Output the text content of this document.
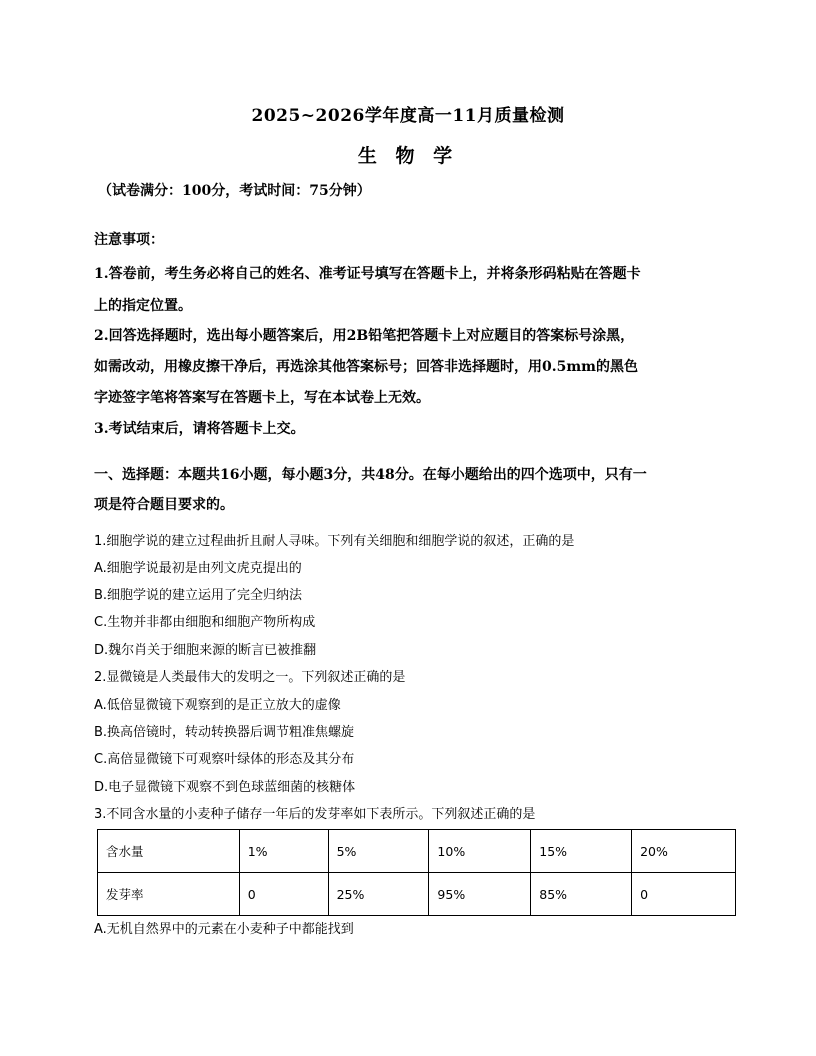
2025~2026学年度高一11月质量检测
生 物 学
（试卷满分：100分，考试时间：75分钟）
注意事项：
1.答卷前，考生务必将自己的姓名、准考证号填写在答题卡上，并将条形码粘贴在答题卡
上的指定位置。
2.回答选择题时，选出每小题答案后，用2B铅笔把答题卡上对应题目的答案标号涂黑，
如需改动，用橡皮擦干净后，再选涂其他答案标号；回答非选择题时，用0.5mm的黑色
字迹签字笔将答案写在答题卡上，写在本试卷上无效。
3.考试结束后，请将答题卡上交。
一、选择题：本题共16小题，每小题3分，共48分。在每小题给出的四个选项中，只有一
项是符合题目要求的。
1.细胞学说的建立过程曲折且耐人寻味。下列有关细胞和细胞学说的叙述，正确的是
A.细胞学说最初是由列文虎克提出的
B.细胞学说的建立运用了完全归纳法
C.生物并非都由细胞和细胞产物所构成
D.魏尔肖关于细胞来源的断言已被推翻
2.显微镜是人类最伟大的发明之一。下列叙述正确的是
A.低倍显微镜下观察到的是正立放大的虚像
B.换高倍镜时，转动转换器后调节粗准焦螺旋
C.高倍显微镜下可观察叶绿体的形态及其分布
D.电子显微镜下观察不到色球蓝细菌的核糖体
3.不同含水量的小麦种子储存一年后的发芽率如下表所示。下列叙述正确的是
含水量	1%	5%	10%	15%	20%
发芽率	0	25%	95%	85%	0
A.无机自然界中的元素在小麦种子中都能找到
